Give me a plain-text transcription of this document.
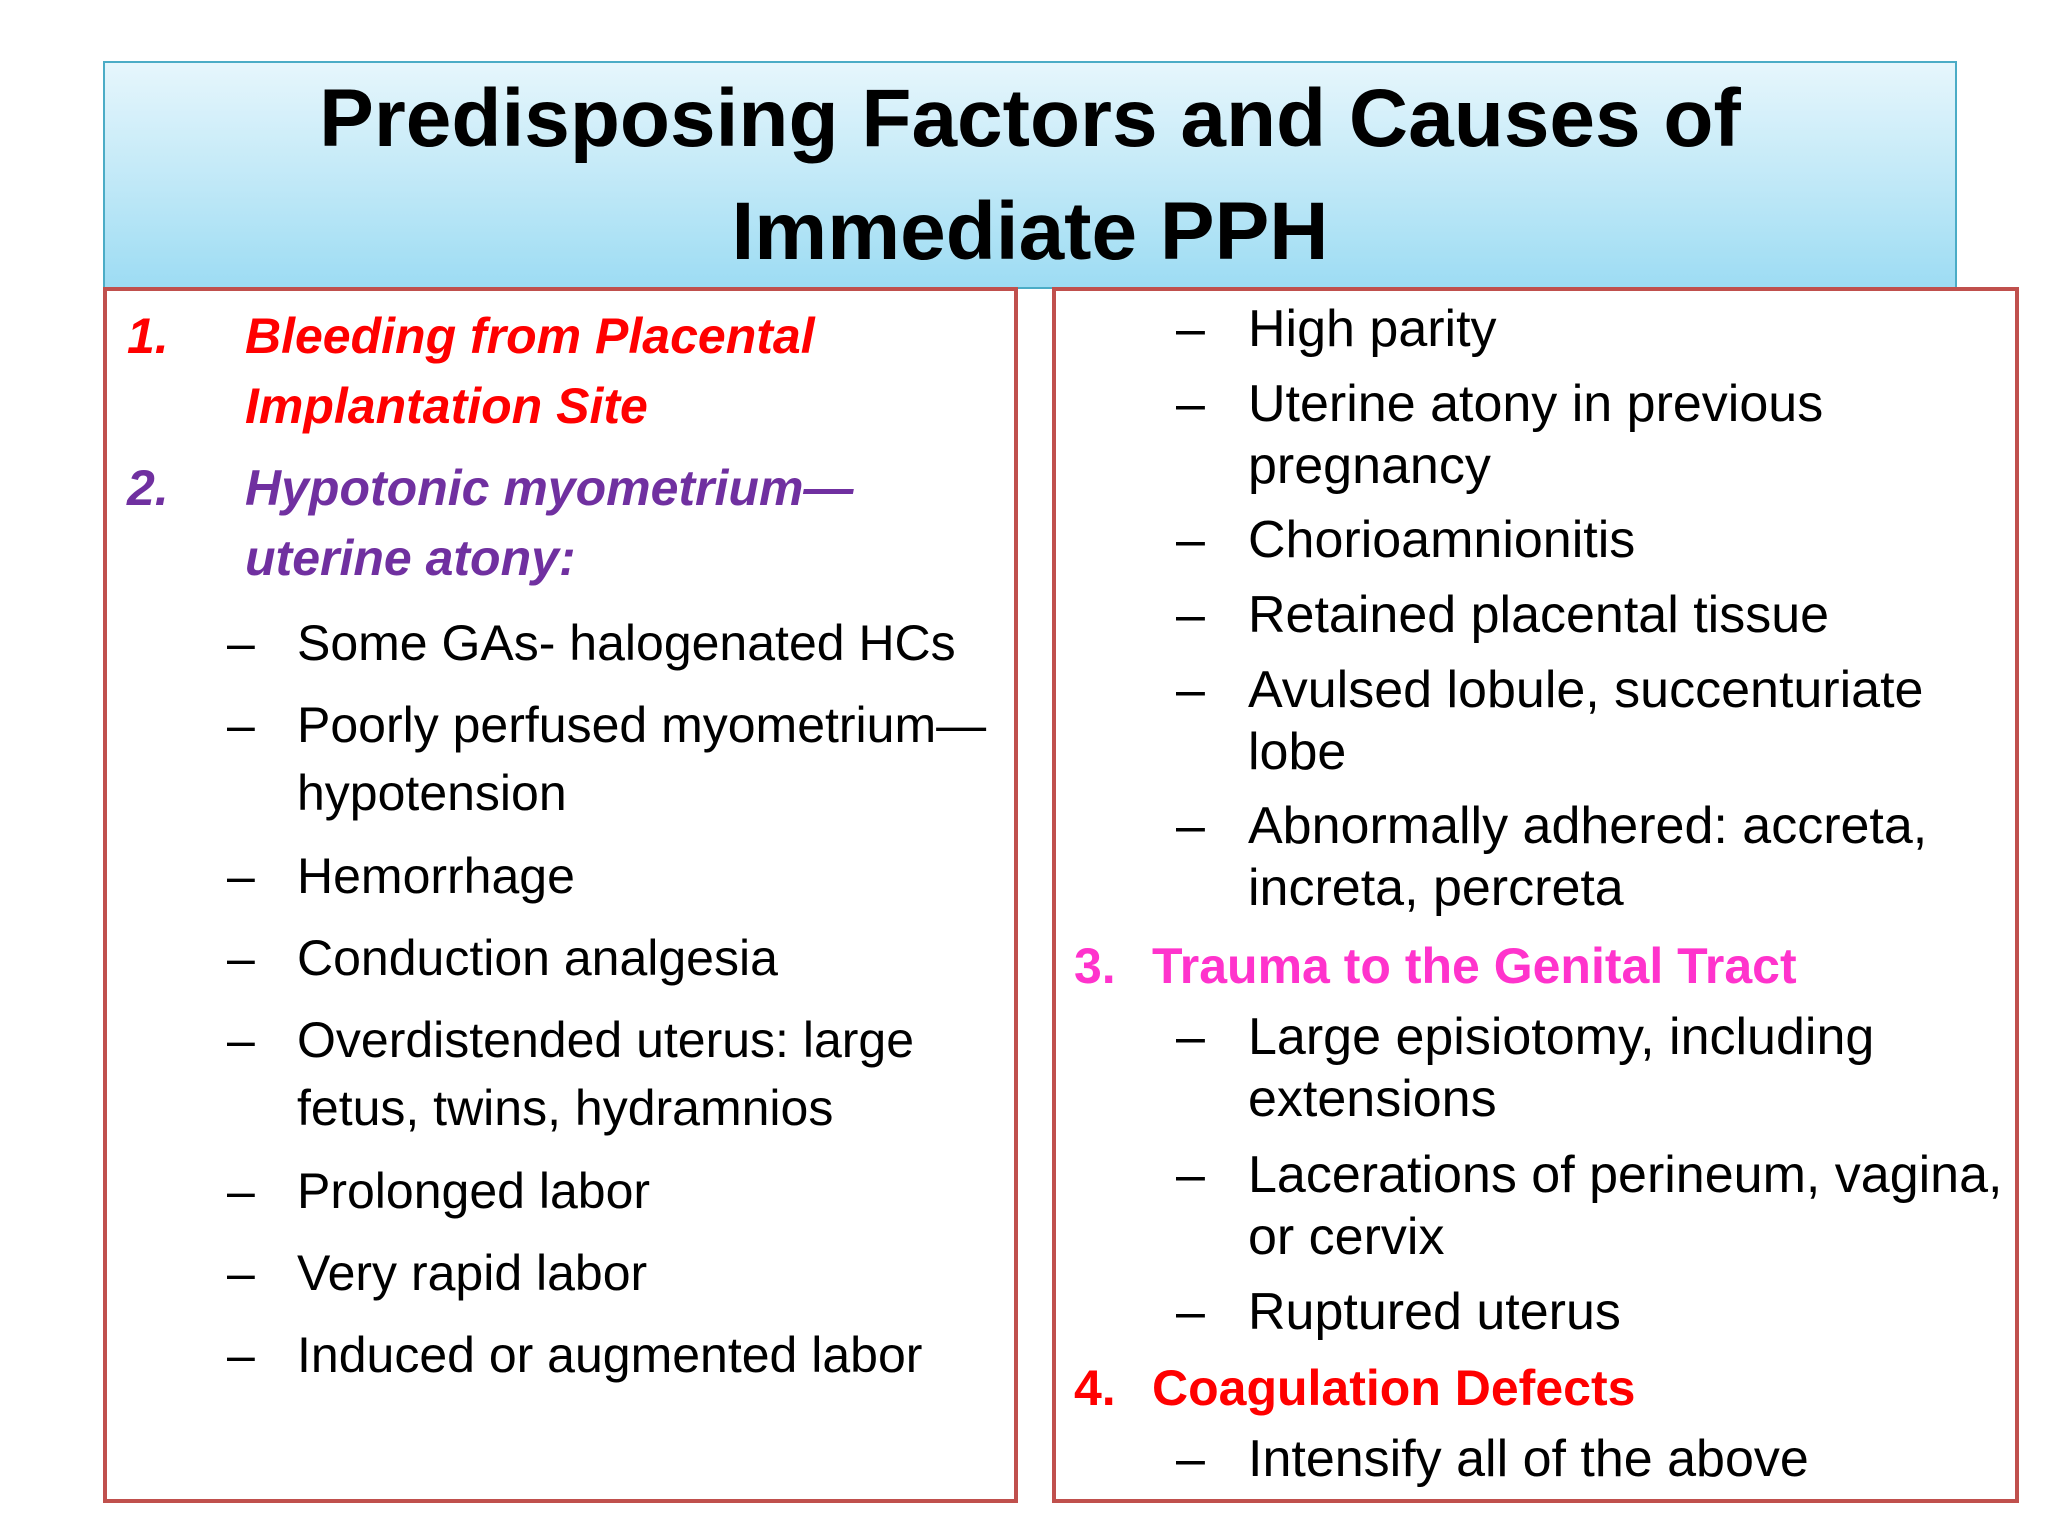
Predisposing Factors and Causes of Immediate PPH
1. Bleeding from Placental Implantation Site
2. Hypotonic myometrium—uterine atony:
– Some GAs- halogenated HCs
– Poorly perfused myometrium—hypotension
– Hemorrhage
– Conduction analgesia
– Overdistended uterus: large fetus, twins, hydramnios
– Prolonged labor
– Very rapid labor
– Induced or augmented labor
– High parity
– Uterine atony in previous pregnancy
– Chorioamnionitis
– Retained placental tissue
– Avulsed lobule, succenturiate lobe
– Abnormally adhered: accreta, increta, percreta
3. Trauma to the Genital Tract
– Large episiotomy, including extensions
– Lacerations of perineum, vagina, or cervix
– Ruptured uterus
4. Coagulation Defects
– Intensify all of the above
